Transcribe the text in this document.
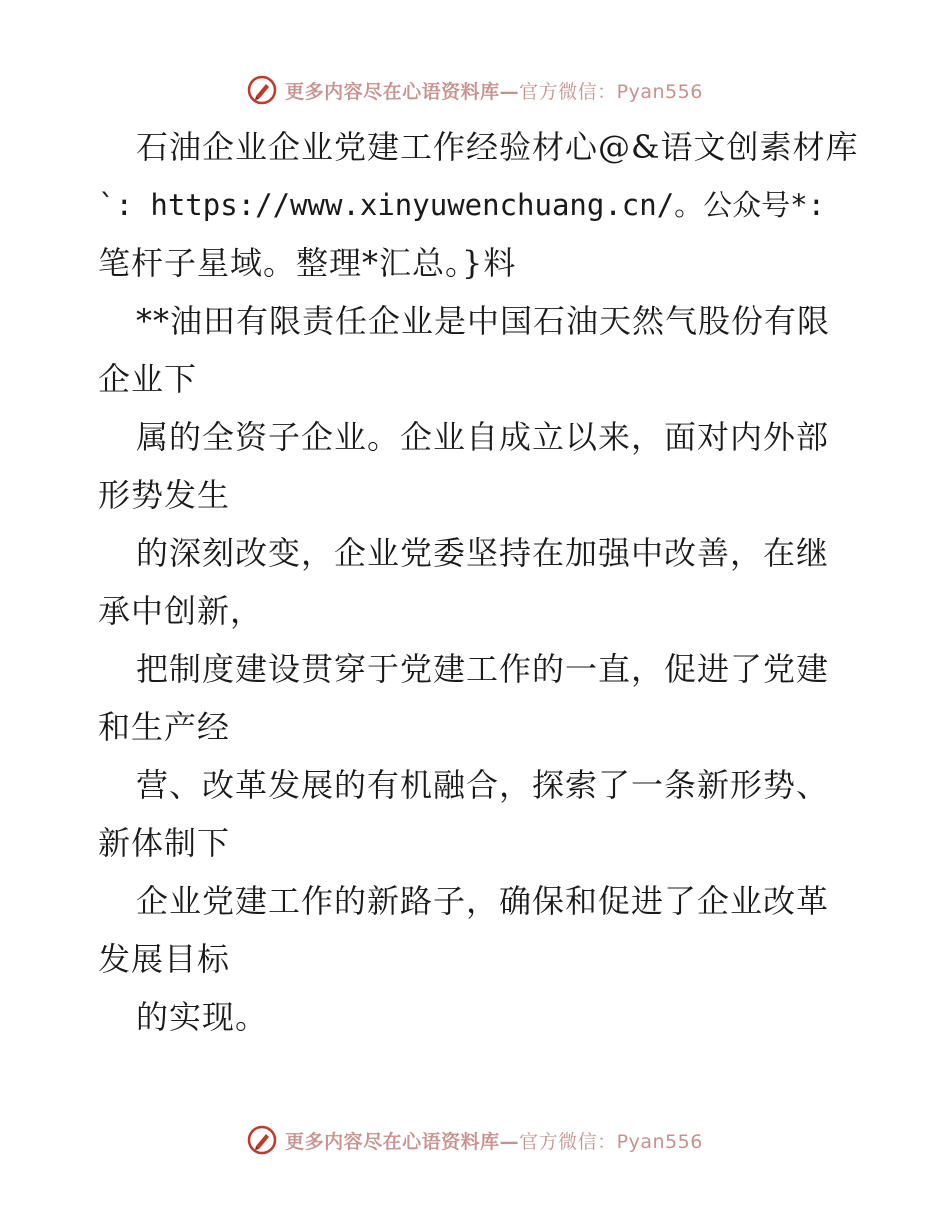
更多内容尽在心语资料库—官方微信：Pyan556
石油企业企业党建工作经验材心@&语文创素材库
`: https://www.xinyuwenchuang.cn/。公众号*:
笔杆子星域。整理*汇总。}料
**油田有限责任企业是中国石油天然气股份有限
企业下
属的全资子企业。企业自成立以来，面对内外部
形势发生
的深刻改变，企业党委坚持在加强中改善，在继
承中创新，
把制度建设贯穿于党建工作的一直，促进了党建
和生产经
营、改革发展的有机融合，探索了一条新形势、
新体制下
企业党建工作的新路子，确保和促进了企业改革
发展目标
的实现。
更多内容尽在心语资料库—官方微信：Pyan556
